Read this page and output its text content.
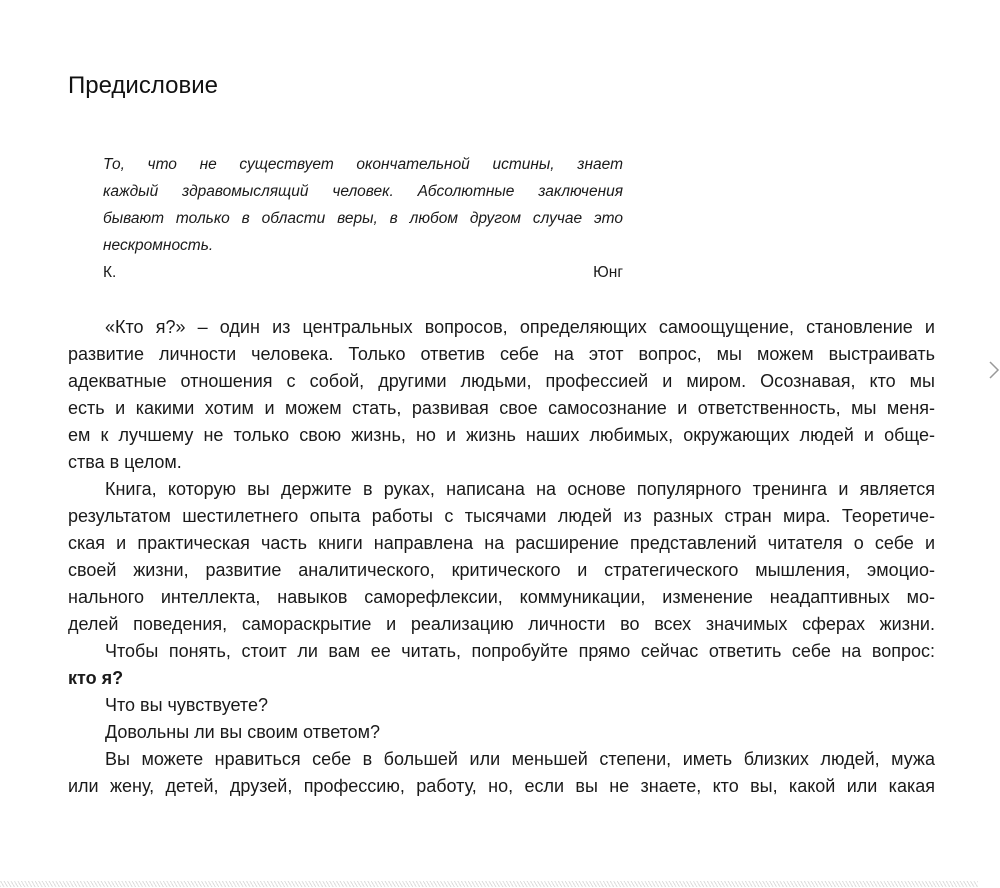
Предисловие
То, что не существует окончательной истины, знает
каждый здравомыслящий человек. Абсолютные заключения
бывают только в области веры, в любом другом случае это
нескромность.
К. Юнг
«Кто я?» – один из центральных вопросов, определяющих самоощущение, становление и
развитие личности человека. Только ответив себе на этот вопрос, мы можем выстраивать
адекватные отношения с собой, другими людьми, профессией и миром. Осознавая, кто мы
есть и какими хотим и можем стать, развивая свое самосознание и ответственность, мы меня-
ем к лучшему не только свою жизнь, но и жизнь наших любимых, окружающих людей и обще-
ства в целом.
Книга, которую вы держите в руках, написана на основе популярного тренинга и является
результатом шестилетнего опыта работы с тысячами людей из разных стран мира. Теоретиче-
ская и практическая часть книги направлена на расширение представлений читателя о себе и
своей жизни, развитие аналитического, критического и стратегического мышления, эмоцио-
нального интеллекта, навыков саморефлексии, коммуникации, изменение неадаптивных мо-
делей поведения, самораскрытие и реализацию личности во всех значимых сферах жизни.
Чтобы понять, стоит ли вам ее читать, попробуйте прямо сейчас ответить себе на вопрос:
кто я?
Что вы чувствуете?
Довольны ли вы своим ответом?
Вы можете нравиться себе в большей или меньшей степени, иметь близких людей, мужа
или жену, детей, друзей, профессию, работу, но, если вы не знаете, кто вы, какой или какая
